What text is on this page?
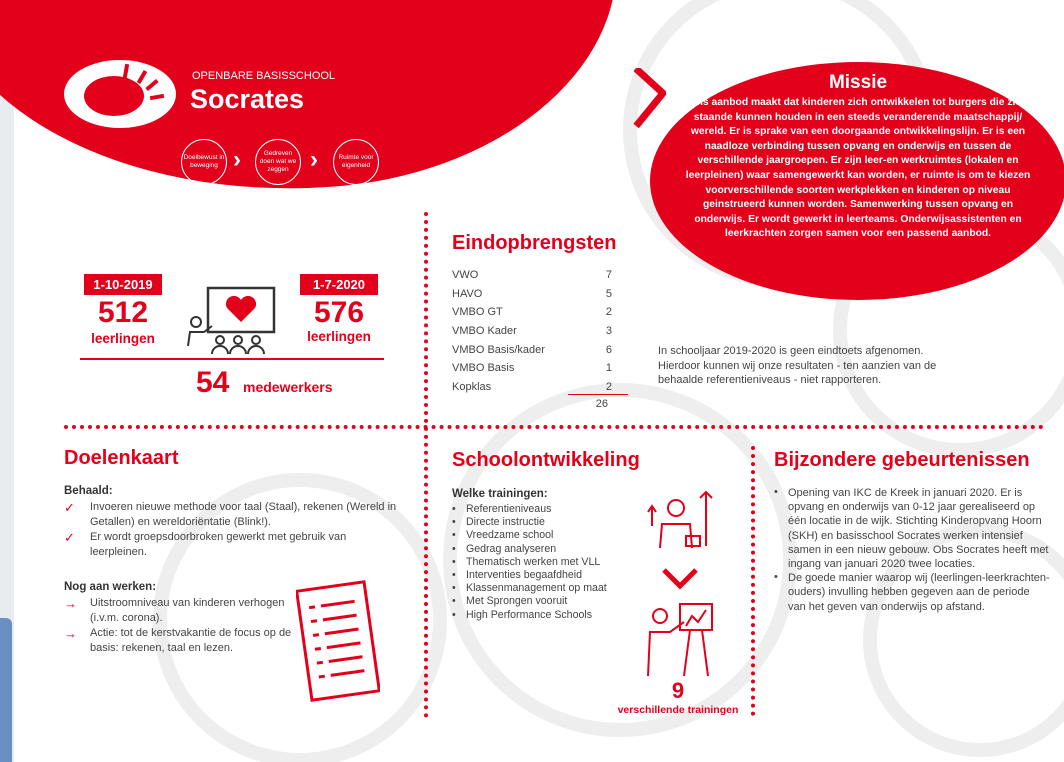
OPENBARE BASISSCHOOL
Socrates
Doelbewust in beweging ›	Gedreven doen wat we zeggen ›	Ruimte voor eigenheid
Missie

Ons aanbod maakt dat kinderen zich ontwikkelen tot burgers die zich staande kunnen houden in een steeds veranderende maatschappij/ wereld. Er is sprake van een doorgaande ontwikkelingslijn. Er is een naadloze verbinding tussen opvang en onderwijs en tussen de verschillende jaargroepen. Er zijn leer-en werkruimtes (lokalen en leerpleinen) waar samengewerkt kan worden, er ruimte is om te kiezen voorverschillende soorten werkplekken en kinderen op niveau geinstrueerd kunnen worden. Samenwerking tussen opvang en onderwijs. Er wordt gewerkt in leerteams. Onderwijsassistenten en leerkrachten zorgen samen voor een passend aanbod.

1-10-2019
512
leerlingen
1-7-2020
576
leerlingen
54 medewerkers
Eindopbrengsten
VWO	7
HAVO	5
VMBO GT	2
VMBO Kader	3
VMBO Basis/kader	6
VMBO Basis	1
Kopklas	2
26
In schooljaar 2019-2020 is geen eindtoets afgenomen. Hierdoor kunnen wij onze resultaten - ten aanzien van de behaalde referentieniveaus - niet rapporteren.
Doelenkaart
Behaald:
✓	Invoeren nieuwe methode voor taal (Staal), rekenen (Wereld in Getallen) en wereldoriëntatie (Blink!).
✓	Er wordt groepsdoorbroken gewerkt met gebruik van leerpleinen.
Nog aan werken:
→	Uitstroomniveau van kinderen verhogen (i.v.m. corona).
→	Actie: tot de kerstvakantie de focus op de basis: rekenen, taal en lezen.
Schoolontwikkeling
Welke trainingen:
• Referentieniveaus
• Directe instructie
• Vreedzame school
• Gedrag analyseren
• Thematisch werken met VLL
• Interventies begaafdheid
• Klassenmanagement op maat
• Met Sprongen vooruit
• High Performance Schools
9
verschillende trainingen
Bijzondere gebeurtenissen
• Opening van IKC de Kreek in januari 2020. Er is opvang en onderwijs van 0-12 jaar gerealiseerd op één locatie in de wijk. Stichting Kinderopvang Hoorn (SKH) en basisschool Socrates werken intensief samen in een nieuw gebouw. Obs Socrates heeft met ingang van januari 2020 twee locaties.
• De goede manier waarop wij (leerlingen-leerkrachten-ouders) invulling hebben gegeven aan de periode van het geven van onderwijs op afstand.
